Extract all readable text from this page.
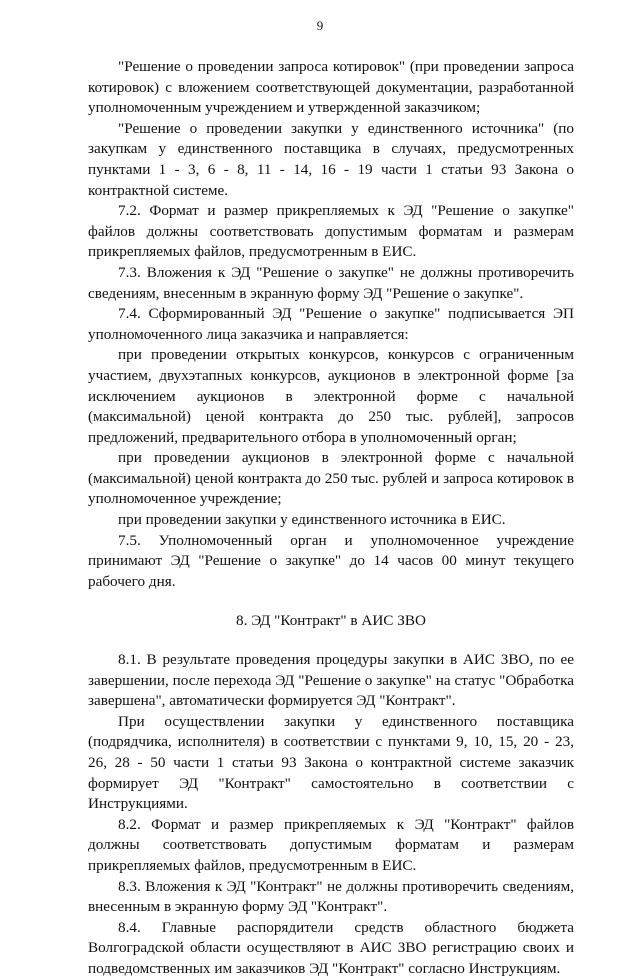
9

"Решение о проведении запроса котировок" (при проведении запроса котировок) с вложением соответствующей документации, разработанной уполномоченным учреждением и утвержденной заказчиком;

"Решение о проведении закупки у единственного источника" (по закупкам у единственного поставщика в случаях, предусмотренных пунктами 1 - 3, 6 - 8, 11 - 14, 16 - 19 части 1 статьи 93 Закона о контрактной системе.

7.2. Формат и размер прикрепляемых к ЭД "Решение о закупке" файлов должны соответствовать допустимым форматам и размерам прикрепляемых файлов, предусмотренным в ЕИС.

7.3. Вложения к ЭД "Решение о закупке" не должны противоречить сведениям, внесенным в экранную форму ЭД "Решение о закупке".

7.4. Сформированный ЭД "Решение о закупке" подписывается ЭП уполномоченного лица заказчика и направляется:

при проведении открытых конкурсов, конкурсов с ограниченным участием, двухэтапных конкурсов, аукционов в электронной форме [за исключением аукционов в электронной форме с начальной (максимальной) ценой контракта до 250 тыс. рублей], запросов предложений, предварительного отбора в уполномоченный орган;

при проведении аукционов в электронной форме с начальной (максимальной) ценой контракта до 250 тыс. рублей и запроса котировок в уполномоченное учреждение;

при проведении закупки у единственного источника в ЕИС.

7.5. Уполномоченный орган и уполномоченное учреждение принимают ЭД "Решение о закупке" до 14 часов 00 минут текущего рабочего дня.

8. ЭД "Контракт" в АИС ЗВО

8.1. В результате проведения процедуры закупки в АИС ЗВО, по ее завершении, после перехода ЭД "Решение о закупке" на статус "Обработка завершена", автоматически формируется ЭД "Контракт".

При осуществлении закупки у единственного поставщика (подрядчика, исполнителя) в соответствии с пунктами 9, 10, 15, 20 - 23, 26, 28 - 50 части 1 статьи 93 Закона о контрактной системе заказчик формирует ЭД "Контракт" самостоятельно в соответствии с Инструкциями.

8.2. Формат и размер прикрепляемых к ЭД "Контракт" файлов должны соответствовать допустимым форматам и размерам прикрепляемых файлов, предусмотренным в ЕИС.

8.3. Вложения к ЭД "Контракт" не должны противоречить сведениям, внесенным в экранную форму ЭД "Контракт".

8.4. Главные распорядители средств областного бюджета Волгоградской области осуществляют в АИС ЗВО регистрацию своих и подведомственных им заказчиков ЭД "Контракт" согласно Инструкциям.
